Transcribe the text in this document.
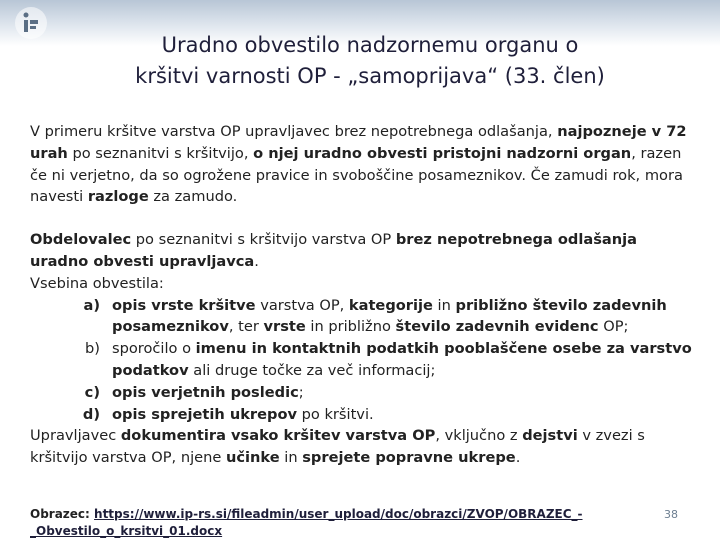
Uradno obvestilo nadzornemu organu o
kršitvi varnosti OP - „samoprijava“ (33. člen)

V primeru kršitve varstva OP upravljavec brez nepotrebnega odlašanja, najpozneje v 72 urah po seznanitvi s kršitvijo, o njej uradno obvesti pristojni nadzorni organ, razen če ni verjetno, da so ogrožene pravice in svoboščine posameznikov. Če zamudi rok, mora navesti razloge za zamudo.

Obdelovalec po seznanitvi s kršitvijo varstva OP brez nepotrebnega odlašanja uradno obvesti upravljavca.

Vsebina obvestila:

a) opis vrste kršitve varstva OP, kategorije in približno število zadevnih posameznikov, ter vrste in približno število zadevnih evidenc OP;
b) sporočilo o imenu in kontaktnih podatkih pooblaščene osebe za varstvo podatkov ali druge točke za več informacij;
c) opis verjetnih posledic;
d) opis sprejetih ukrepov po kršitvi.

Upravljavec dokumentira vsako kršitev varstva OP, vključno z dejstvi v zvezi s kršitvijo varstva OP, njene učinke in sprejete popravne ukrepe.

Obrazec: https://www.ip-rs.si/fileadmin/user_upload/doc/obrazci/ZVOP/OBRAZEC_-_Obvestilo_o_krsitvi_01.docx
38
